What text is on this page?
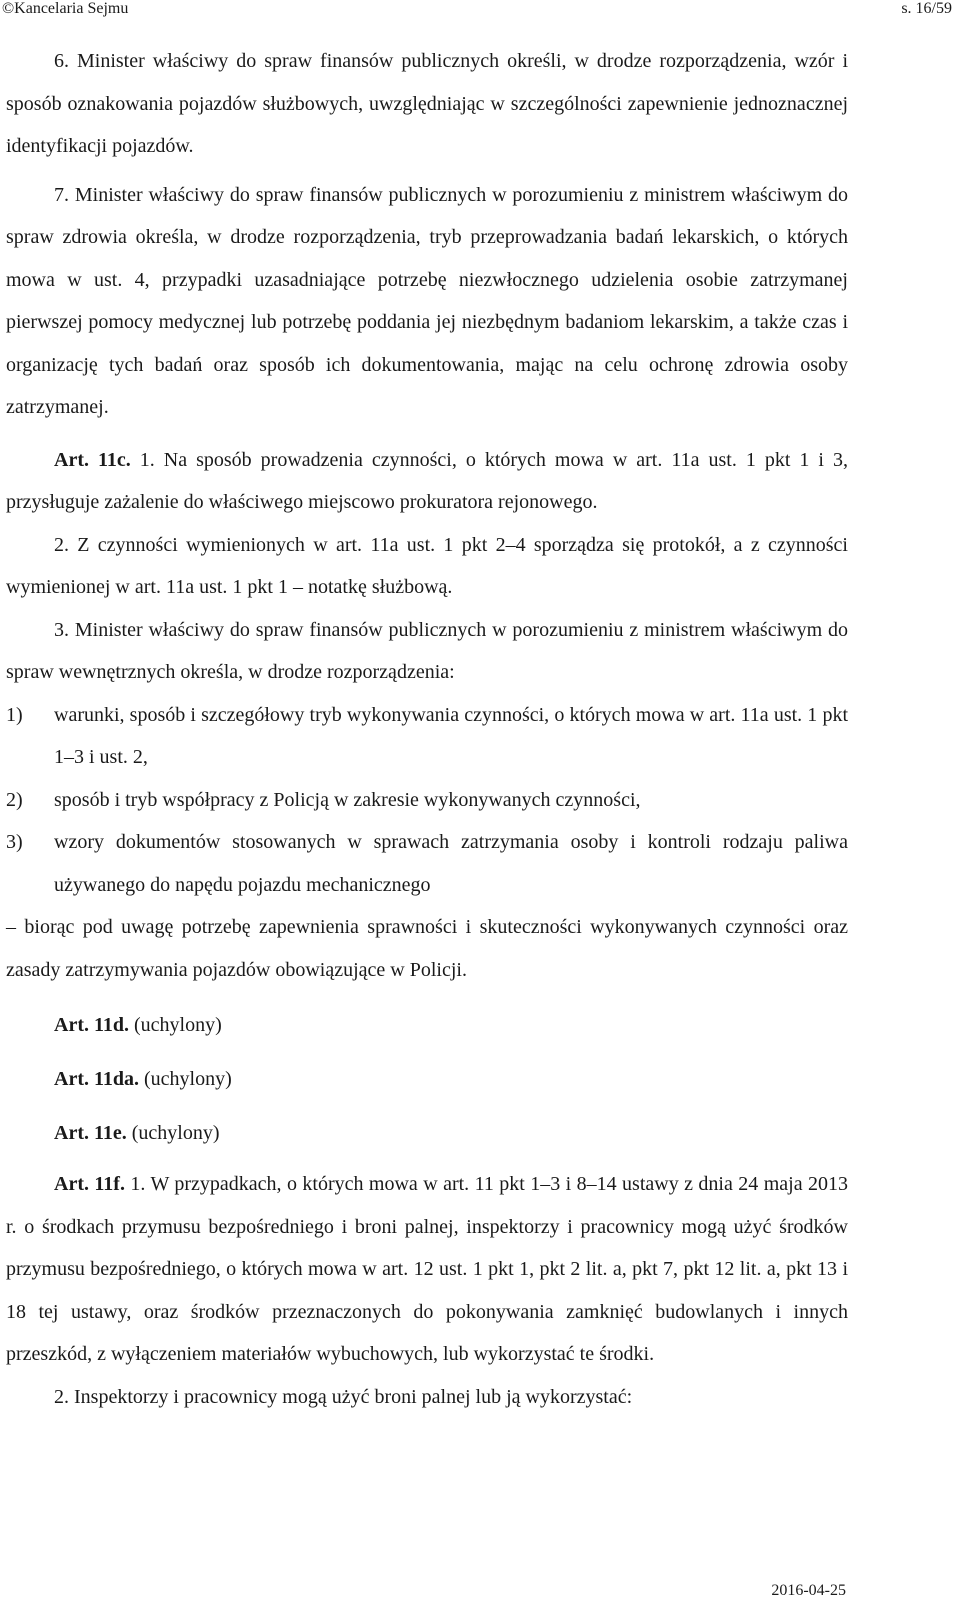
©Kancelaria Sejmu	s. 16/59

6. Minister właściwy do spraw finansów publicznych określi, w drodze rozporządzenia, wzór i sposób oznakowania pojazdów służbowych, uwzględniając w szczególności zapewnienie jednoznacznej identyfikacji pojazdów.

7. Minister właściwy do spraw finansów publicznych w porozumieniu z ministrem właściwym do spraw zdrowia określa, w drodze rozporządzenia, tryb przeprowadzania badań lekarskich, o których mowa w ust. 4, przypadki uzasadniające potrzebę niezwłocznego udzielenia osobie zatrzymanej pierwszej pomocy medycznej lub potrzebę poddania jej niezbędnym badaniom lekarskim, a także czas i organizację tych badań oraz sposób ich dokumentowania, mając na celu ochronę zdrowia osoby zatrzymanej.

Art. 11c. 1. Na sposób prowadzenia czynności, o których mowa w art. 11a ust. 1 pkt 1 i 3, przysługuje zażalenie do właściwego miejscowo prokuratora rejonowego.

2. Z czynności wymienionych w art. 11a ust. 1 pkt 2–4 sporządza się protokół, a z czynności wymienionej w art. 11a ust. 1 pkt 1 – notatkę służbową.

3. Minister właściwy do spraw finansów publicznych w porozumieniu z ministrem właściwym do spraw wewnętrznych określa, w drodze rozporządzenia:

1)	warunki, sposób i szczegółowy tryb wykonywania czynności, o których mowa w art. 11a ust. 1 pkt 1–3 i ust. 2,
2)	sposób i tryb współpracy z Policją w zakresie wykonywanych czynności,
3)	wzory dokumentów stosowanych w sprawach zatrzymania osoby i kontroli rodzaju paliwa używanego do napędu pojazdu mechanicznego

– biorąc pod uwagę potrzebę zapewnienia sprawności i skuteczności wykonywanych czynności oraz zasady zatrzymywania pojazdów obowiązujące w Policji.

Art. 11d. (uchylony)

Art. 11da. (uchylony)

Art. 11e. (uchylony)

Art. 11f. 1. W przypadkach, o których mowa w art. 11 pkt 1–3 i 8–14 ustawy z dnia 24 maja 2013 r. o środkach przymusu bezpośredniego i broni palnej, inspektorzy i pracownicy mogą użyć środków przymusu bezpośredniego, o których mowa w art. 12 ust. 1 pkt 1, pkt 2 lit. a, pkt 7, pkt 12 lit. a, pkt 13 i 18 tej ustawy, oraz środków przeznaczonych do pokonywania zamknięć budowlanych i innych przeszkód, z wyłączeniem materiałów wybuchowych, lub wykorzystać te środki.

2. Inspektorzy i pracownicy mogą użyć broni palnej lub ją wykorzystać:

2016-04-25
